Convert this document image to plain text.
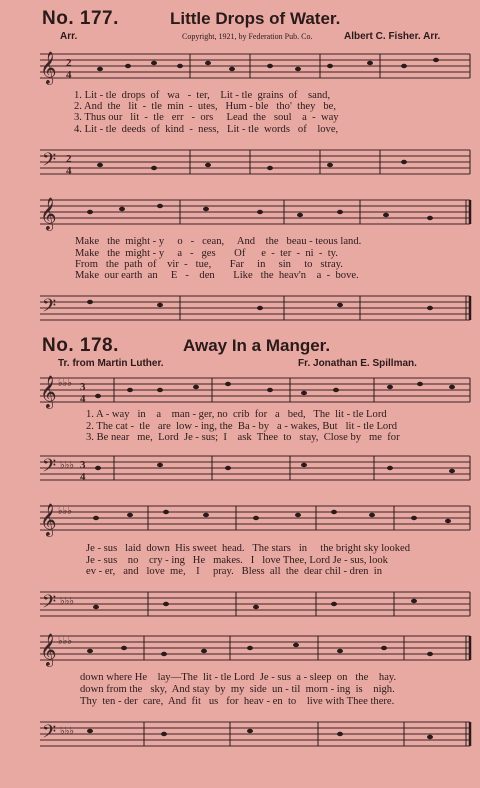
No. 177.	Little Drops of Water.
Arr.	Copyright, 1921, by Federation Pub. Co.	Albert C. Fisher. Arr.
𝄞 2
4
1. Lit - tle  drops  of   wa   -  ter,    Lit - tle  grains  of    sand,
2. And  the   lit  -  tle  min  -  utes,   Hum - ble   tho'  they   be,
3. Thus our   lit  -  tle   err   -  ors     Lead  the   soul    a  -  way
4. Lit - tle  deeds  of  kind  -  ness,   Lit - tle  words   of    love,
𝄢 2
4
𝄞
Make   the  might - y     o   -   cean,     And    the   beau - teous land.
Make   the  might - y     a   -   ges       Of      e  -  ter  -  ni  -  ty.
From   the  path  of    vir  -   tue,       Far     in     sin     to   stray.
Make  our earth  an     E   -    den       Like   the  heav'n    a  -  bove.
𝄢
No. 178.	Away In a Manger.
Tr. from Martin Luther.	Fr. Jonathan E. Spillman.
𝄞 ♭♭♭ 3
4
1. A - way   in    a    man - ger, no  crib  for   a   bed,   The  lit - tle Lord
2. The cat -  tle   are  low - ing, the  Ba - by   a - wakes, But   lit - tle Lord
3. Be near   me,  Lord  Je - sus;  I    ask  Thee  to   stay,  Close by   me  for
𝄢 ♭♭♭ 3
4
𝄞 ♭♭♭
Je - sus   laid  down  His sweet  head.   The stars   in     the bright sky looked
Je - sus    no    cry - ing   He   makes.   I   love Thee, Lord Je - sus, look
ev - er,   and   love  me,    I     pray.   Bless  all  the  dear chil - dren  in
𝄢 ♭♭♭
𝄞 ♭♭♭
down where He    lay—The  lit - tle Lord  Je - sus  a - sleep  on   the    hay.
down from the   sky,  And stay  by  my  side  un - til  morn - ing  is    nigh.
Thy  ten - der  care,  And  fit   us   for  heav - en  to    live with Thee there.
𝄢 ♭♭♭
